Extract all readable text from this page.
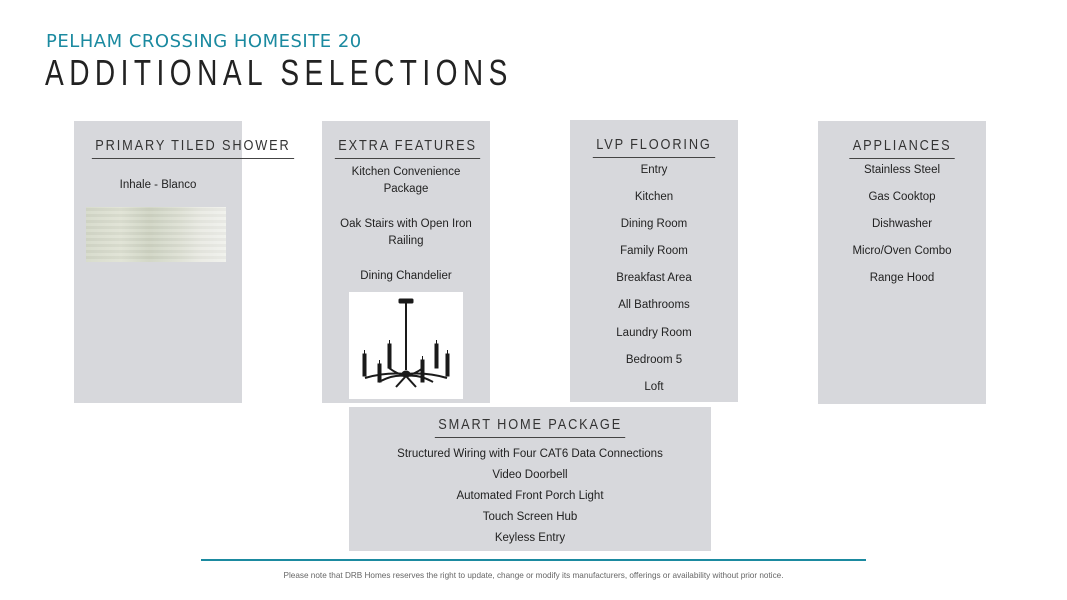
PELHAM CROSSING HOMESITE 20
ADDITIONAL SELECTIONS
PRIMARY TILED SHOWER
Inhale - Blanco
EXTRA FEATURES
Kitchen Convenience
Package
Oak Stairs with Open Iron
Railing
Dining Chandelier
LVP FLOORING
Entry
Kitchen
Dining Room
Family Room
Breakfast Area
All Bathrooms
Laundry Room
Bedroom 5
Loft
APPLIANCES
Stainless Steel
Gas Cooktop
Dishwasher
Micro/Oven Combo
Range Hood
SMART HOME PACKAGE
Structured Wiring with Four CAT6 Data Connections
Video Doorbell
Automated Front Porch Light
Touch Screen Hub
Keyless Entry
Please note that DRB Homes reserves the right to update, change or modify its manufacturers, offerings or availability without prior notice.
